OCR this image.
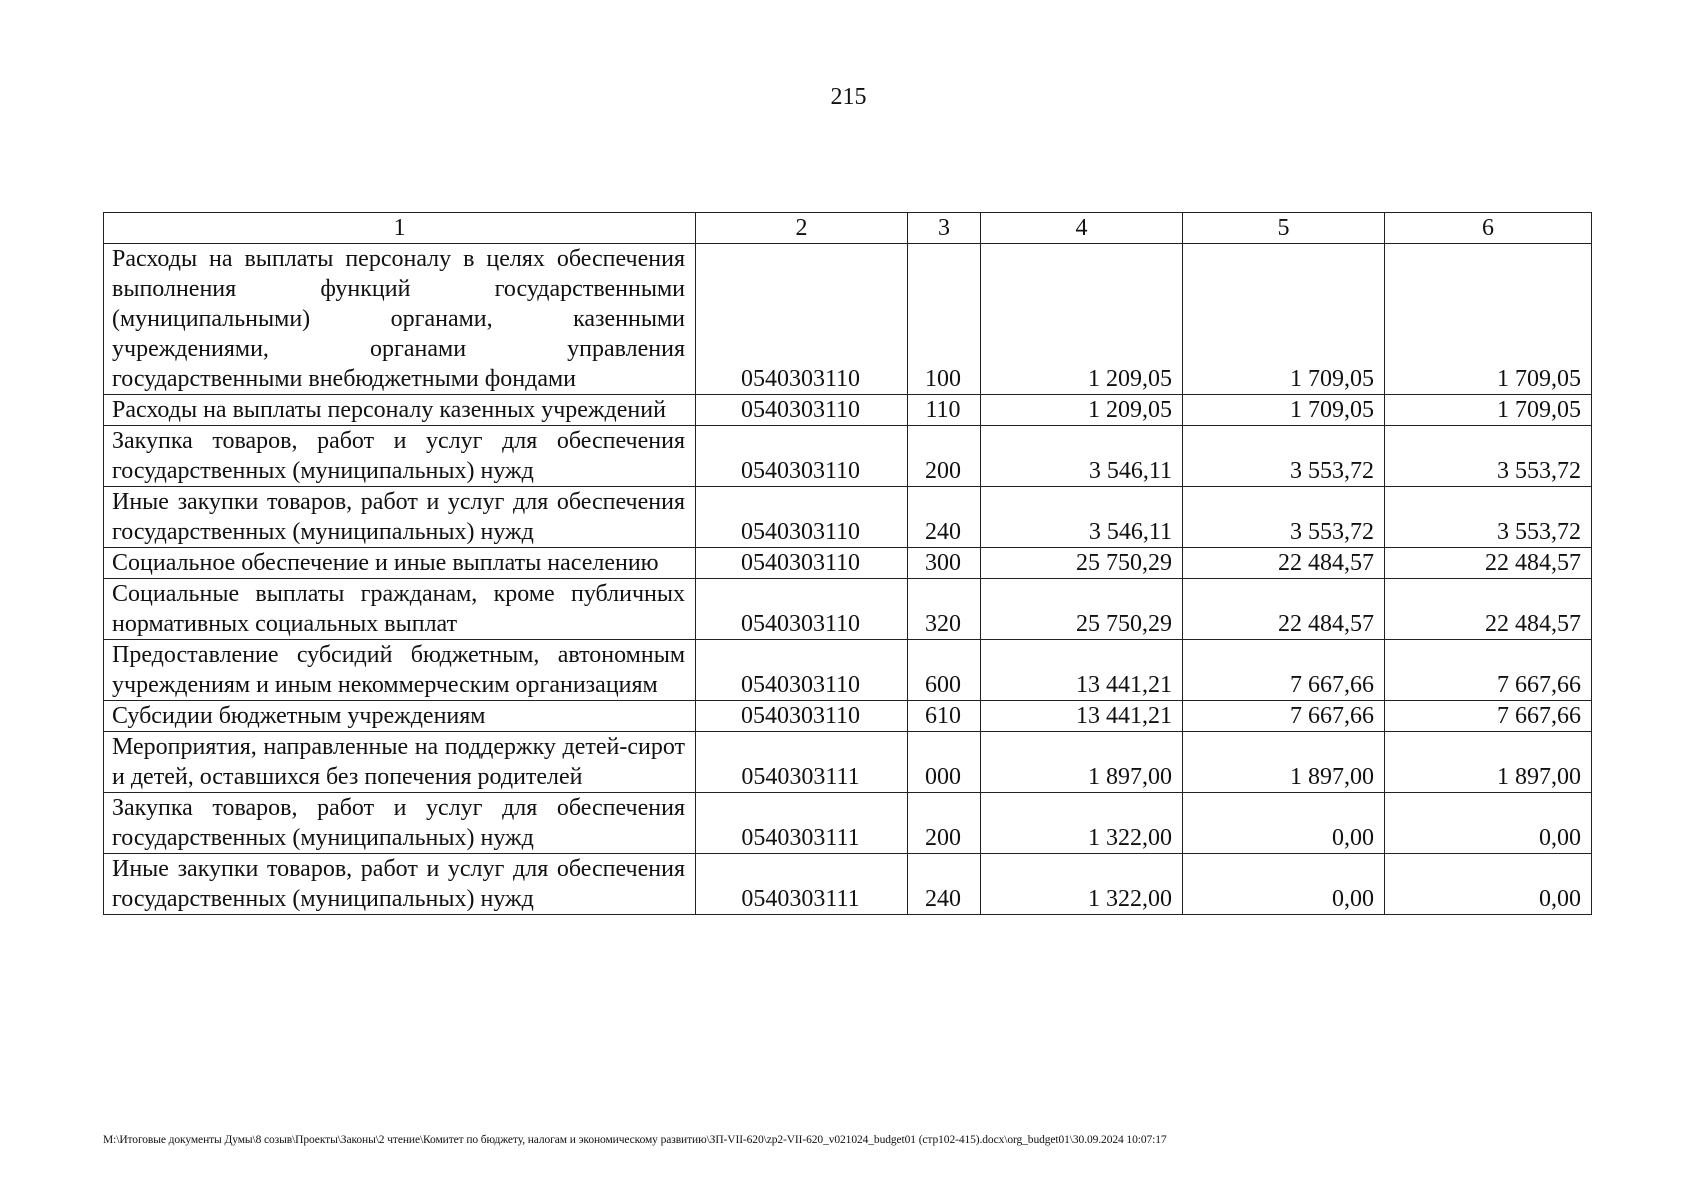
215
1	2	3	4	5	6
Расходы на выплаты персоналу в целях обеспечения выполнения функций государственными (муниципальными) органами, казенными учреждениями, органами управления государственными внебюджетными фондами	0540303110	100	1 209,05	1 709,05	1 709,05
Расходы на выплаты персоналу казенных учреждений	0540303110	110	1 209,05	1 709,05	1 709,05
Закупка товаров, работ и услуг для обеспечения государственных (муниципальных) нужд	0540303110	200	3 546,11	3 553,72	3 553,72
Иные закупки товаров, работ и услуг для обеспечения государственных (муниципальных) нужд	0540303110	240	3 546,11	3 553,72	3 553,72
Социальное обеспечение и иные выплаты населению	0540303110	300	25 750,29	22 484,57	22 484,57
Социальные выплаты гражданам, кроме публичных нормативных социальных выплат	0540303110	320	25 750,29	22 484,57	22 484,57
Предоставление субсидий бюджетным, автономным учреждениям и иным некоммерческим организациям	0540303110	600	13 441,21	7 667,66	7 667,66
Субсидии бюджетным учреждениям	0540303110	610	13 441,21	7 667,66	7 667,66
Мероприятия, направленные на поддержку детей-сирот и детей, оставшихся без попечения родителей	0540303111	000	1 897,00	1 897,00	1 897,00
Закупка товаров, работ и услуг для обеспечения государственных (муниципальных) нужд	0540303111	200	1 322,00	0,00	0,00
Иные закупки товаров, работ и услуг для обеспечения государственных (муниципальных) нужд	0540303111	240	1 322,00	0,00	0,00
M:\Итоговые документы Думы\8 созыв\Проекты\Законы\2 чтение\Комитет по бюджету, налогам и экономическому развитию\ЗП-VII-620\zp2-VII-620_v021024_budget01 (стр102-415).docx\org_budget01\30.09.2024 10:07:17
